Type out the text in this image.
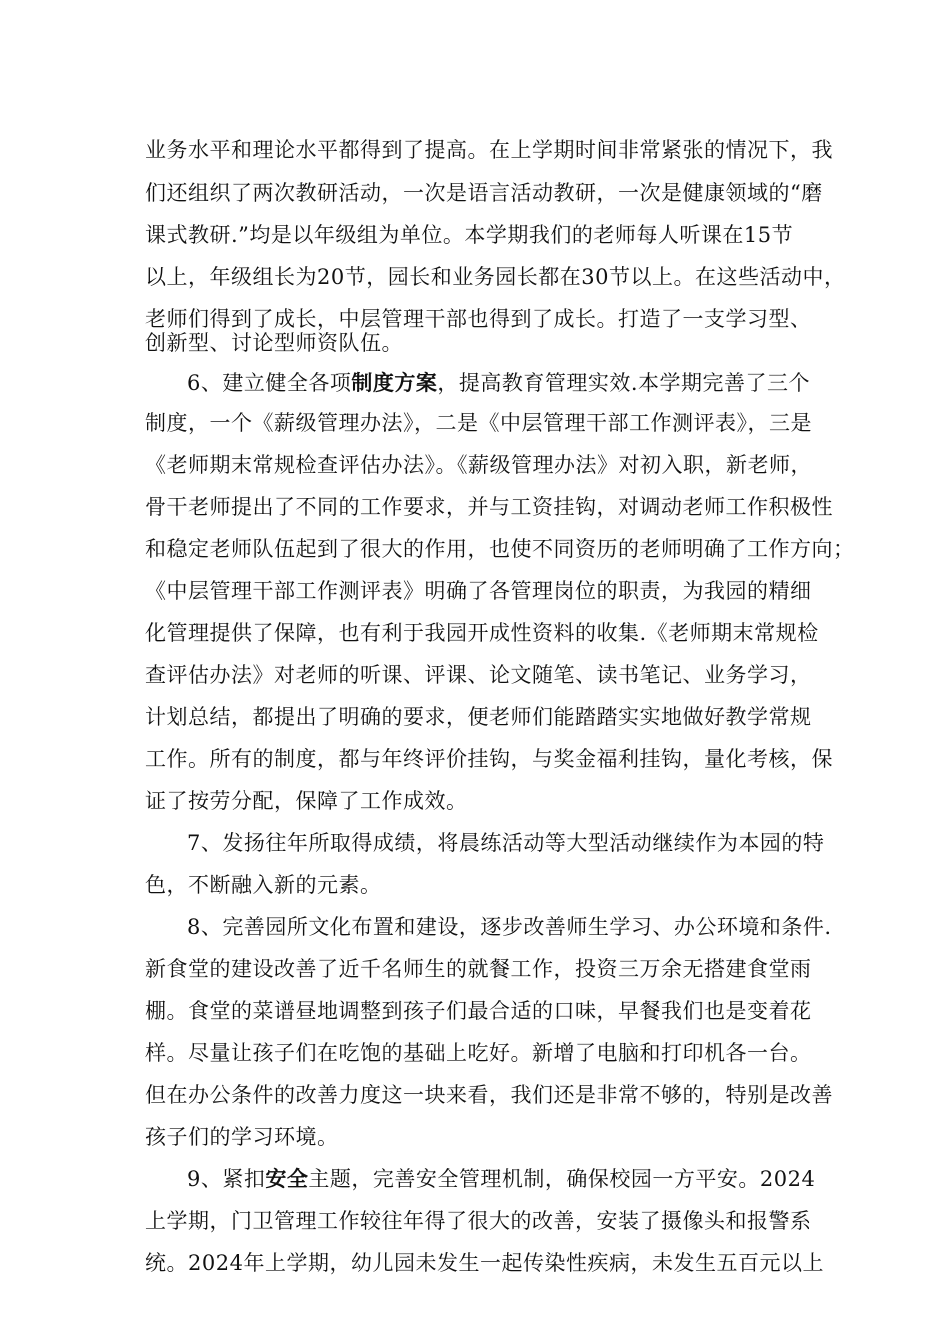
业务水平和理论水平都得到了提高。在上学期时间非常紧张的情况下，我

们还组织了两次教研活动，一次是语言活动教研，一次是健康领域的“磨

课式教研.”均是以年级组为单位。本学期我们的老师每人听课在15节

以上，年级组长为20节，园长和业务园长都在30节以上。在这些活动中，

老师们得到了成长，中层管理干部也得到了成长。打造了一支学习型、

创新型、讨论型师资队伍。

6、建立健全各项制度方案，提高教育管理实效.本学期完善了三个

制度，一个《薪级管理办法》，二是《中层管理干部工作测评表》，三是

《老师期末常规检查评估办法》。《薪级管理办法》对初入职，新老师，

骨干老师提出了不同的工作要求，并与工资挂钩，对调动老师工作积极性

和稳定老师队伍起到了很大的作用，也使不同资历的老师明确了工作方向；

《中层管理干部工作测评表》明确了各管理岗位的职责，为我园的精细

化管理提供了保障，也有利于我园开成性资料的收集.《老师期末常规检

查评估办法》对老师的听课、评课、论文随笔、读书笔记、业务学习，

计划总结，都提出了明确的要求，便老师们能踏踏实实地做好教学常规

工作。所有的制度，都与年终评价挂钩，与奖金福利挂钩，量化考核，保

证了按劳分配，保障了工作成效。

7、发扬往年所取得成绩，将晨练活动等大型活动继续作为本园的特

色，不断融入新的元素。

8、完善园所文化布置和建设，逐步改善师生学习、办公环境和条件.

新食堂的建设改善了近千名师生的就餐工作，投资三万余无搭建食堂雨

棚。食堂的菜谱昼地调整到孩子们最合适的口味，早餐我们也是变着花

样。尽量让孩子们在吃饱的基础上吃好。新增了电脑和打印机各一台。

但在办公条件的改善力度这一块来看，我们还是非常不够的，特别是改善

孩子们的学习环境。

9、紧扣安全主题，完善安全管理机制，确保校园一方平安。2024

上学期，门卫管理工作较往年得了很大的改善，安装了摄像头和报警系

统。2024年上学期，幼儿园未发生一起传染性疾病，未发生五百元以上
